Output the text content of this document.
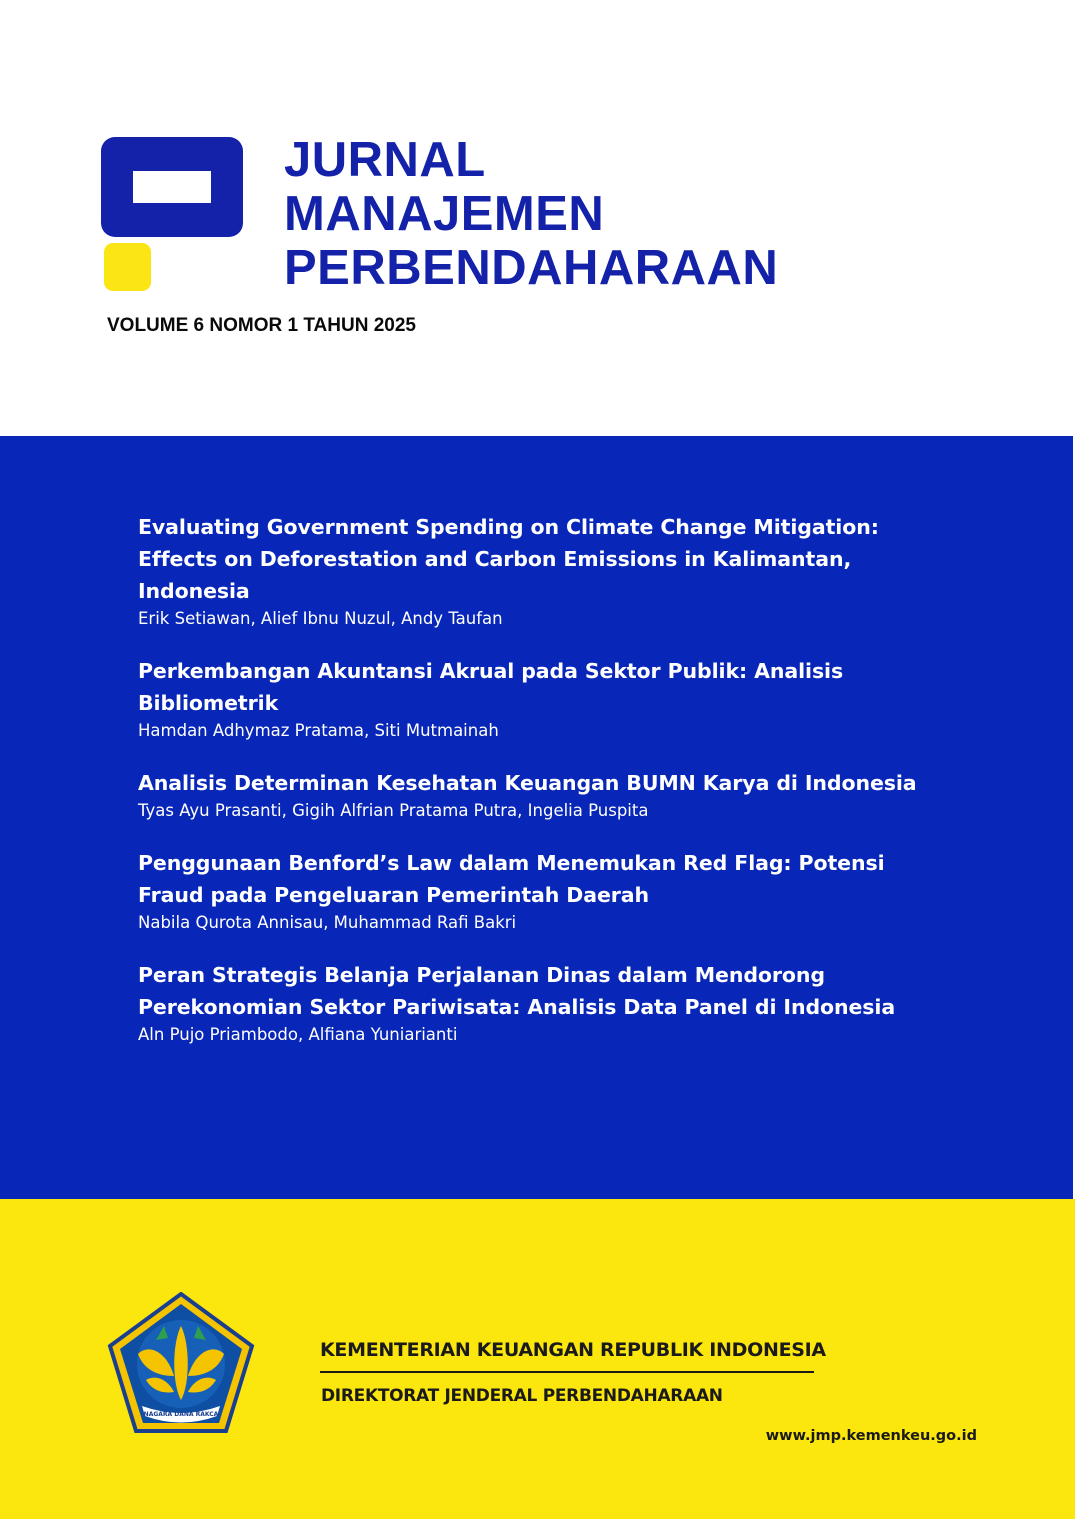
JURNAL
MANAJEMEN
PERBENDAHARAAN

VOLUME 6 NOMOR 1 TAHUN 2025

Evaluating Government Spending on Climate Change Mitigation: Effects on Deforestation and Carbon Emissions in Kalimantan, Indonesia
Erik Setiawan, Alief Ibnu Nuzul, Andy Taufan
Perkembangan Akuntansi Akrual pada Sektor Publik: Analisis Bibliometrik
Hamdan Adhymaz Pratama, Siti Mutmainah
Analisis Determinan Kesehatan Keuangan BUMN Karya di Indonesia
Tyas Ayu Prasanti, Gigih Alfrian Pratama Putra, Ingelia Puspita
Penggunaan Benford’s Law dalam Menemukan Red Flag: Potensi Fraud pada Pengeluaran Pemerintah Daerah
Nabila Qurota Annisau, Muhammad Rafi Bakri
Peran Strategis Belanja Perjalanan Dinas dalam Mendorong Perekonomian Sektor Pariwisata: Analisis Data Panel di Indonesia
Aln Pujo Priambodo, Alfiana Yuniarianti
NAGARA DANA RAKCA

KEMENTERIAN KEUANGAN REPUBLIK INDONESIA

DIREKTORAT JENDERAL PERBENDAHARAAN

www.jmp.kemenkeu.go.id
